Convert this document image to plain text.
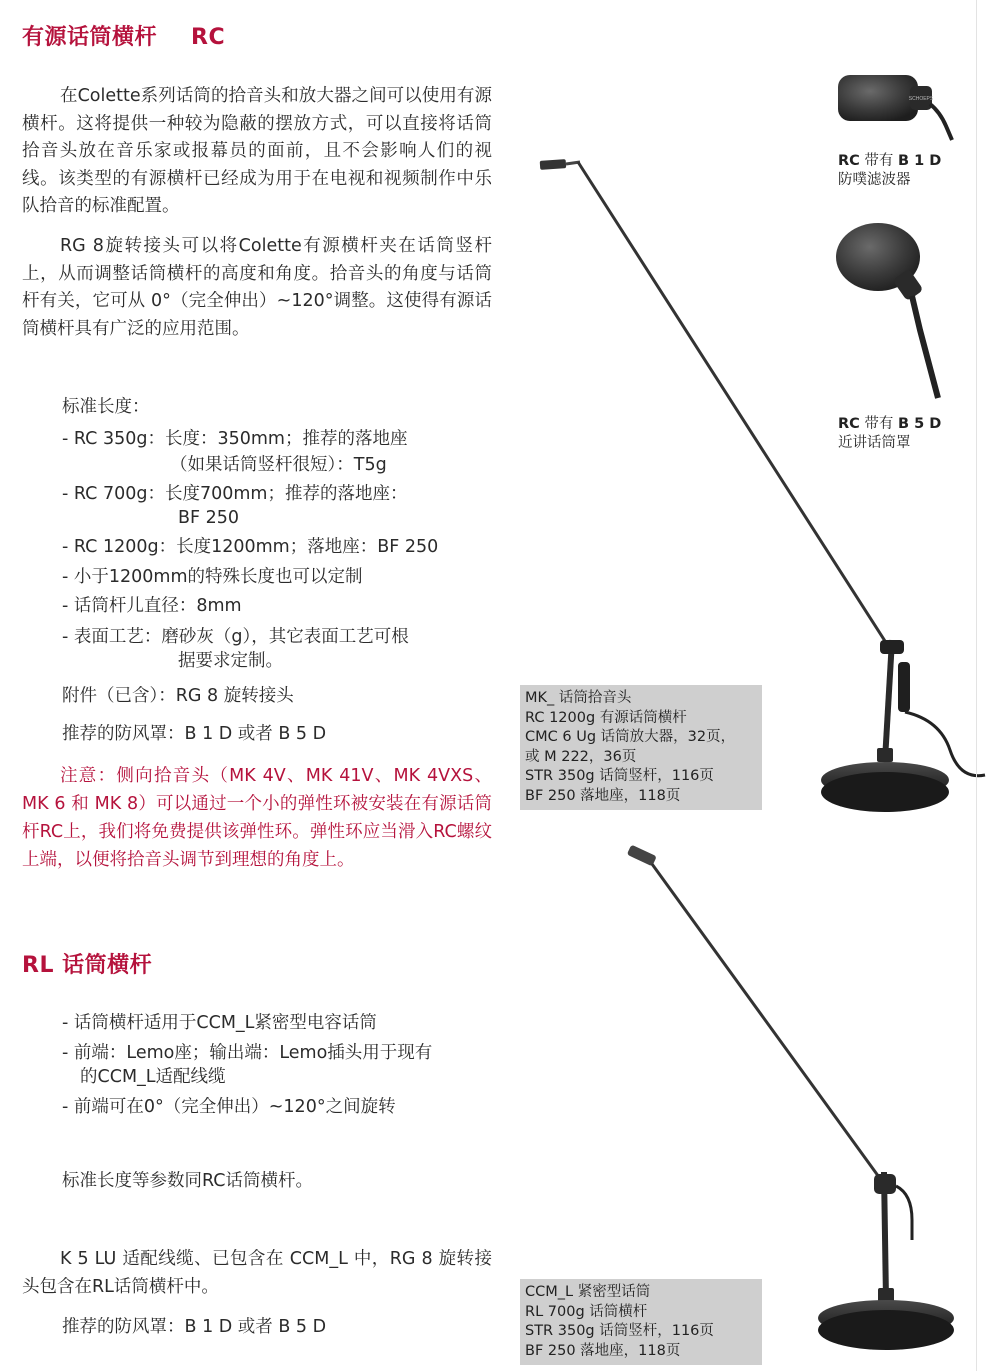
有源话筒横杆 RC
在Colette系列话筒的拾音头和放大器之间可以使用有源横杆。这将提供一种较为隐蔽的摆放方式，可以直接将话筒拾音头放在音乐家或报幕员的面前，且不会影响人们的视线。该类型的有源横杆已经成为用于在电视和视频制作中乐队拾音的标准配置。
RG 8旋转接头可以将Colette有源横杆夹在话筒竖杆上，从而调整话筒横杆的高度和角度。拾音头的角度与话筒杆有关，它可从 0°（完全伸出）~120°调整。这使得有源话筒横杆具有广泛的应用范围。
标准长度：
- RC 350g：长度：350mm；推荐的落地座
（如果话筒竖杆很短）：T5g
- RC 700g：长度700mm；推荐的落地座：
BF 250
- RC 1200g：长度1200mm；落地座：BF 250
- 小于1200mm的特殊长度也可以定制
- 话筒杆儿直径：8mm
- 表面工艺：磨砂灰（g），其它表面工艺可根
据要求定制。
附件（已含）：RG 8 旋转接头
推荐的防风罩：B 1 D 或者 B 5 D
注意：侧向拾音头（MK 4V、MK 41V、MK 4VXS、MK 6 和 MK 8）可以通过一个小的弹性环被安装在有源话筒杆RC上，我们将免费提供该弹性环。弹性环应当滑入RC螺纹上端，以便将拾音头调节到理想的角度上。
RL 话筒横杆
- 话筒横杆适用于CCM_L紧密型电容话筒
- 前端：Lemo座；输出端：Lemo插头用于现有
的CCM_L适配线缆
- 前端可在0°（完全伸出）~120°之间旋转
标准长度等参数同RC话筒横杆。
K 5 LU 适配线缆、已包含在 CCM_L 中，RG 8 旋转接头包含在RL话筒横杆中。
推荐的防风罩：B 1 D 或者 B 5 D
MK_ 话筒拾音头
RC 1200g 有源话筒横杆
CMC 6 Ug 话筒放大器，32页，
或 M 222，36页
STR 350g 话筒竖杆，116页
BF 250 落地座，118页
CCM_L 紧密型话筒
RL 700g 话筒横杆
STR 350g 话筒竖杆，116页
BF 250 落地座，118页
RC 带有 B 1 D
防噗滤波器
RC 带有 B 5 D
近讲话筒罩
SCHOEPS
